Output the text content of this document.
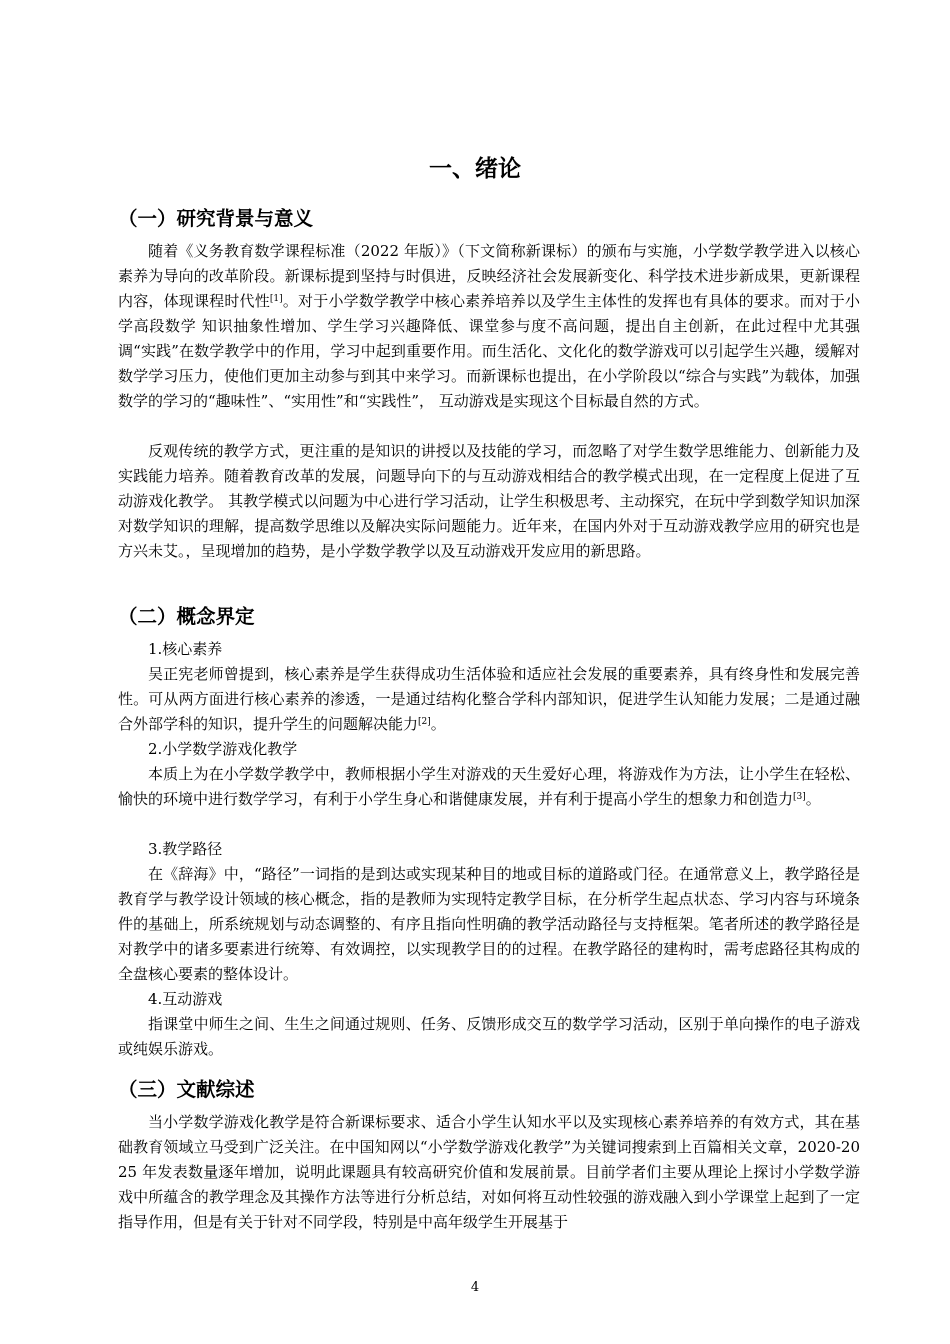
一、绪论
（一）研究背景与意义

随着《义务教育数学课程标准（2022 年版）》（下文简称新课标）的颁布与实施，小学数学教学进入以核心素养为导向的改革阶段。新课标提到坚持与时俱进，反映经济社会发展新变化、科学技术进步新成果，更新课程内容，体现课程时代性[1]。对于小学数学教学中核心素养培养以及学生主体性的发挥也有具体的要求。而对于小学高段数学 知识抽象性增加、学生学习兴趣降低、课堂参与度不高问题，提出自主创新，在此过程中尤其强调“实践”在数学教学中的作用，学习中起到重要作用。而生活化、文化化的数学游戏可以引起学生兴趣，缓解对数学学习压力，使他们更加主动参与到其中来学习。而新课标也提出，在小学阶段以“综合与实践”为载体，加强数学的学习的“趣味性”、“实用性”和“实践性”， 互动游戏是实现这个目标最自然的方式。

反观传统的教学方式，更注重的是知识的讲授以及技能的学习，而忽略了对学生数学思维能力、创新能力及实践能力培养。随着教育改革的发展，问题导向下的与互动游戏相结合的教学模式出现，在一定程度上促进了互动游戏化教学。 其教学模式以问题为中心进行学习活动，让学生积极思考、主动探究，在玩中学到数学知识加深对数学知识的理解，提高数学思维以及解决实际问题能力。近年来，在国内外对于互动游戏教学应用的研究也是方兴未艾。，呈现增加的趋势，是小学数学教学以及互动游戏开发应用的新思路。

（二）概念界定

1.核心素养

吴正宪老师曾提到，核心素养是学生获得成功生活体验和适应社会发展的重要素养，具有终身性和发展完善性。可从两方面进行核心素养的渗透，一是通过结构化整合学科内部知识，促进学生认知能力发展；二是通过融合外部学科的知识，提升学生的问题解决能力[2]。

2.小学数学游戏化教学

本质上为在小学数学教学中，教师根据小学生对游戏的天生爱好心理，将游戏作为方法，让小学生在轻松、愉快的环境中进行数学学习，有利于小学生身心和谐健康发展，并有利于提高小学生的想象力和创造力[3]。

3.教学路径

在《辞海》中，“路径”一词指的是到达或实现某种目的地或目标的道路或门径。在通常意义上，教学路径是教育学与教学设计领域的核心概念，指的是教师为实现特定教学目标，在分析学生起点状态、学习内容与环境条件的基础上，所系统规划与动态调整的、有序且指向性明确的教学活动路径与支持框架。笔者所述的教学路径是对教学中的诸多要素进行统筹、有效调控，以实现教学目的的过程。在教学路径的建构时，需考虑路径其构成的全盘核心要素的整体设计。

4.互动游戏

指课堂中师生之间、生生之间通过规则、任务、反馈形成交互的数学学习活动，区别于单向操作的电子游戏或纯娱乐游戏。

（三）文献综述

当小学数学游戏化教学是符合新课标要求、适合小学生认知水平以及实现核心素养培养的有效方式，其在基础教育领域立马受到广泛关注。在中国知网以“小学数学游戏化教学”为关键词搜索到上百篇相关文章，2020-2025 年发表数量逐年增加，说明此课题具有较高研究价值和发展前景。目前学者们主要从理论上探讨小学数学游戏中所蕴含的教学理念及其操作方法等进行分析总结，对如何将互动性较强的游戏融入到小学课堂上起到了一定指导作用，但是有关于针对不同学段，特别是中高年级学生开展基于

4
